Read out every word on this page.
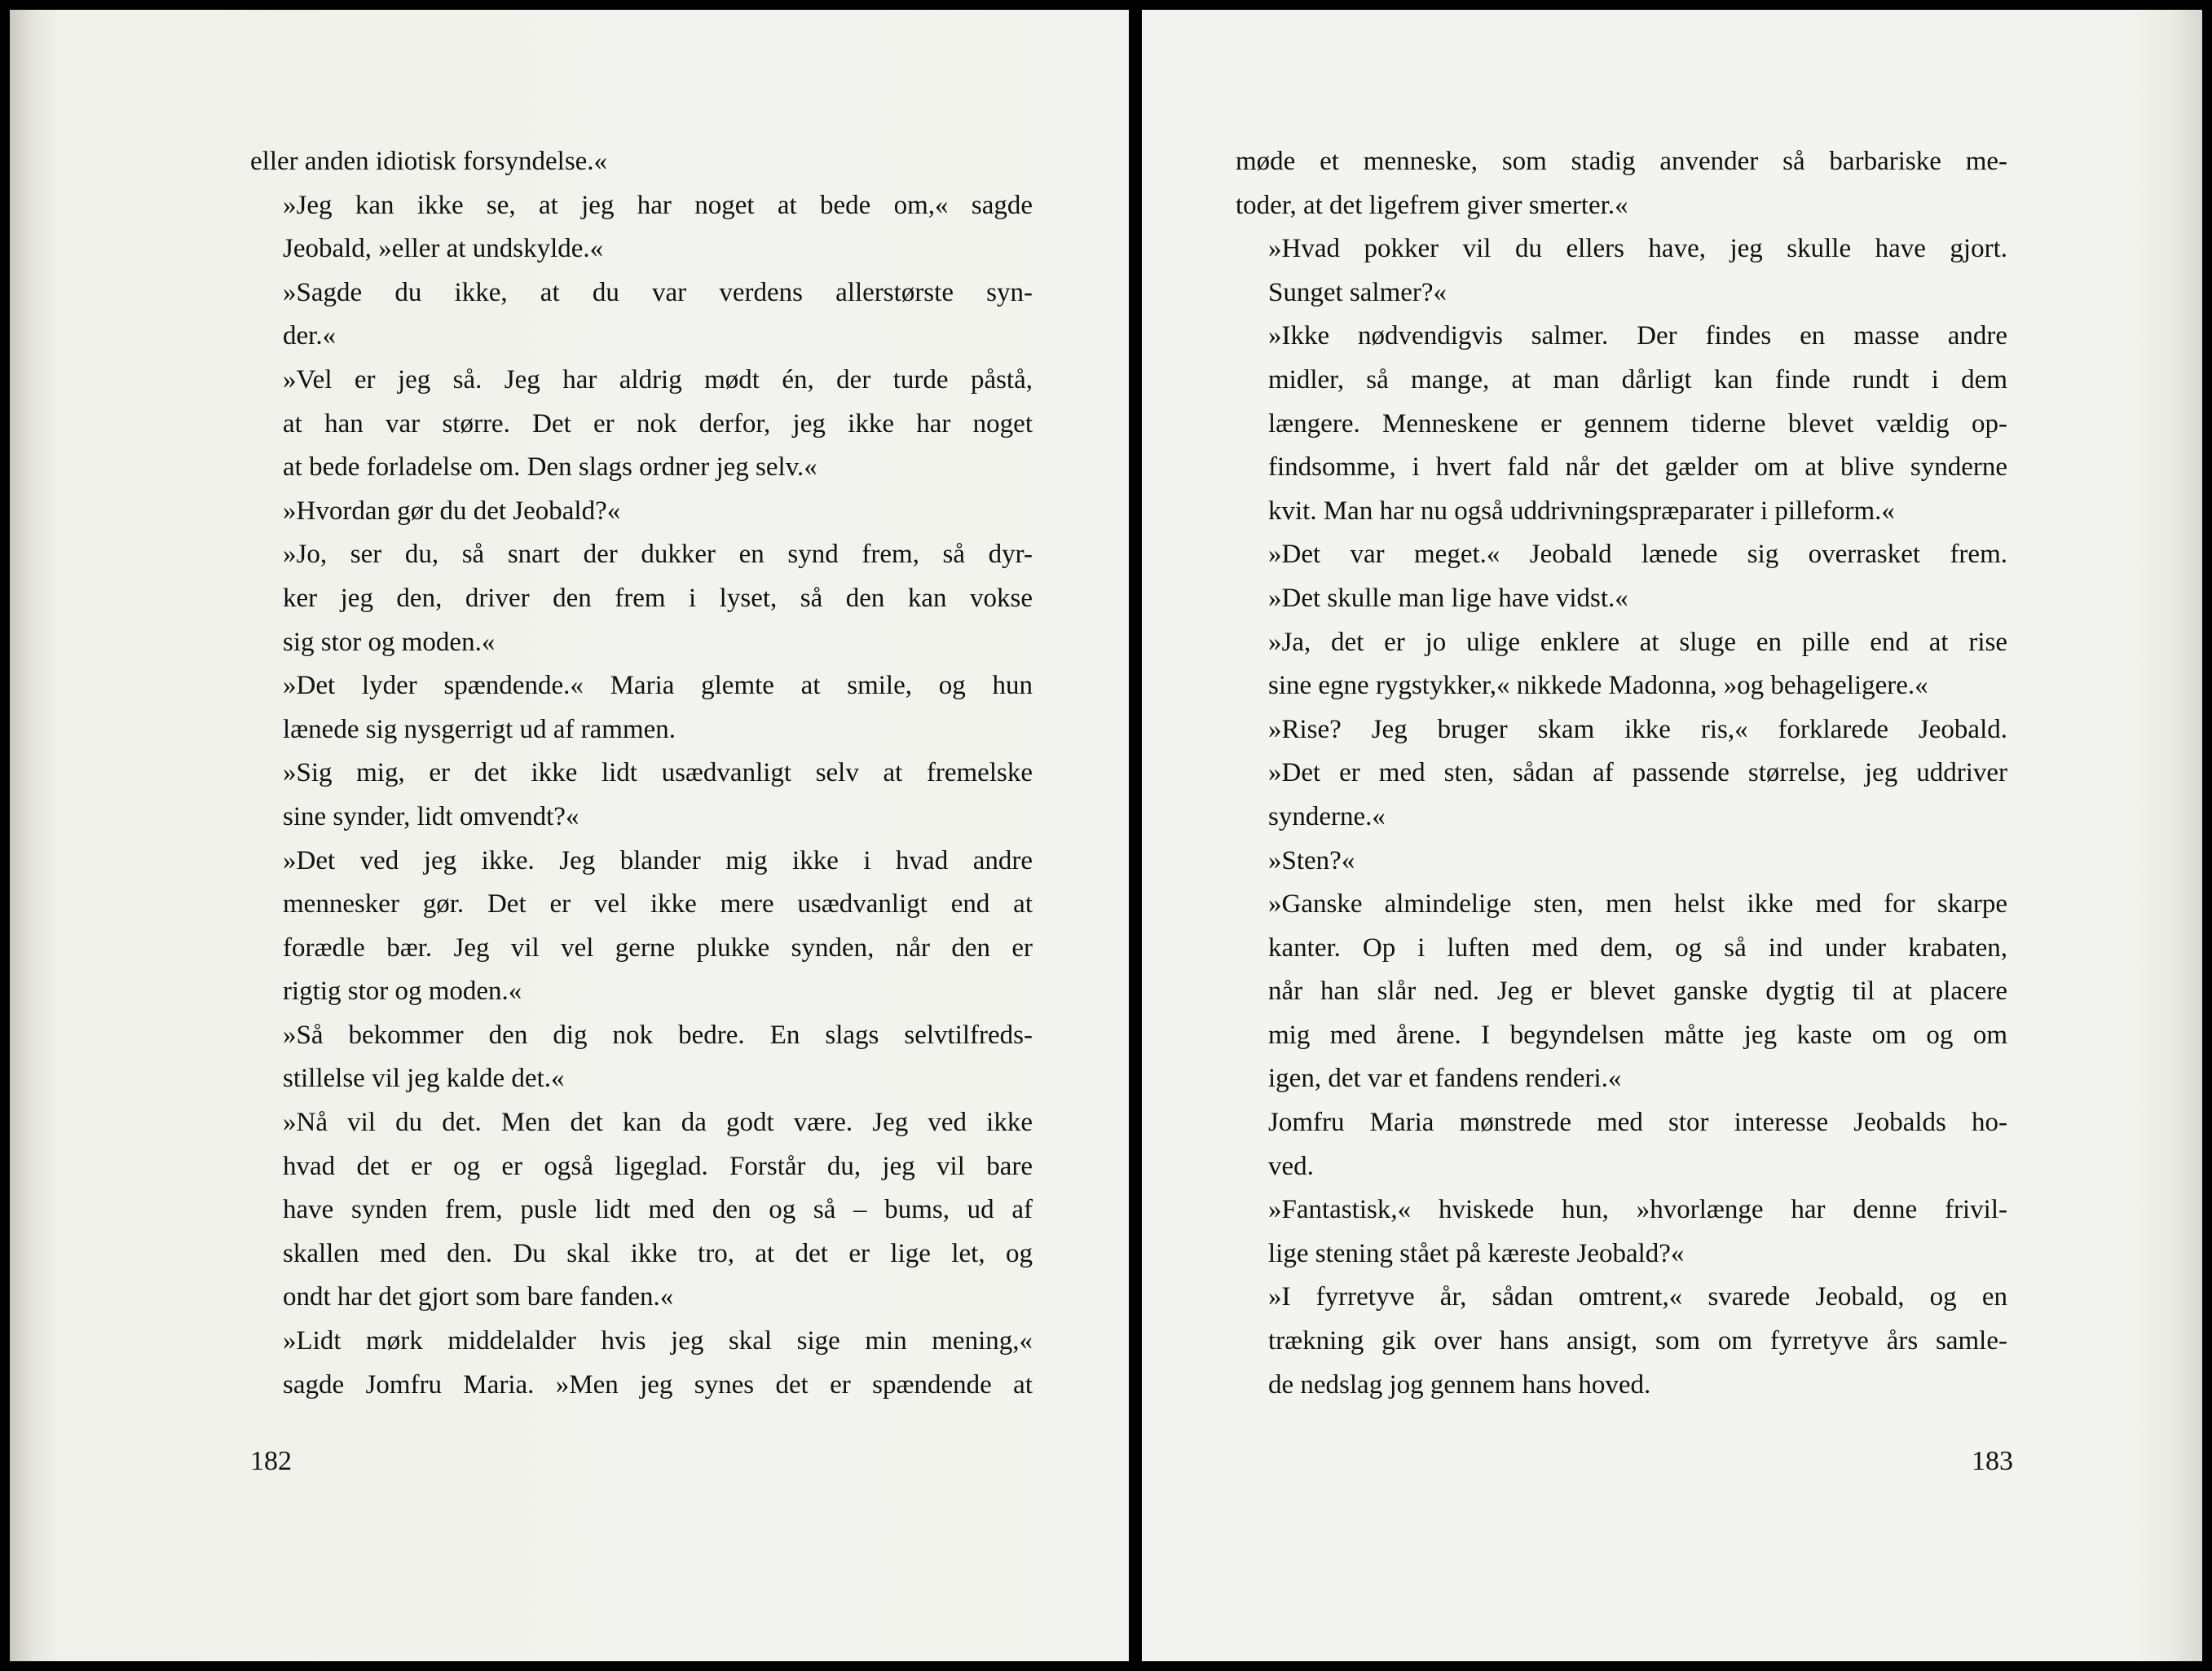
eller anden idiotisk forsyndelse.«

»Jeg kan ikke se, at jeg har noget at bede om,« sagde
Jeobald, »eller at undskylde.«

»Sagde du ikke, at du var verdens allerstørste syn-
der.«

»Vel er jeg så. Jeg har aldrig mødt én, der turde påstå,
at han var større. Det er nok derfor, jeg ikke har noget
at bede forladelse om. Den slags ordner jeg selv.«

»Hvordan gør du det Jeobald?«

»Jo, ser du, så snart der dukker en synd frem, så dyr-
ker jeg den, driver den frem i lyset, så den kan vokse
sig stor og moden.«

»Det lyder spændende.« Maria glemte at smile, og hun
lænede sig nysgerrigt ud af rammen.

»Sig mig, er det ikke lidt usædvanligt selv at fremelske
sine synder, lidt omvendt?«

»Det ved jeg ikke. Jeg blander mig ikke i hvad andre
mennesker gør. Det er vel ikke mere usædvanligt end at
forædle bær. Jeg vil vel gerne plukke synden, når den er
rigtig stor og moden.«

»Så bekommer den dig nok bedre. En slags selvtilfreds-
stillelse vil jeg kalde det.«

»Nå vil du det. Men det kan da godt være. Jeg ved ikke
hvad det er og er også ligeglad. Forstår du, jeg vil bare
have synden frem, pusle lidt med den og så – bums, ud af
skallen med den. Du skal ikke tro, at det er lige let, og
ondt har det gjort som bare fanden.«

»Lidt mørk middelalder hvis jeg skal sige min mening,«
sagde Jomfru Maria. »Men jeg synes det er spændende at

182

møde et menneske, som stadig anvender så barbariske me-
toder, at det ligefrem giver smerter.«

»Hvad pokker vil du ellers have, jeg skulle have gjort.
Sunget salmer?«

»Ikke nødvendigvis salmer. Der findes en masse andre
midler, så mange, at man dårligt kan finde rundt i dem
længere. Menneskene er gennem tiderne blevet vældig op-
findsomme, i hvert fald når det gælder om at blive synderne
kvit. Man har nu også uddrivningspræparater i pilleform.«

»Det var meget.« Jeobald lænede sig overrasket frem.
»Det skulle man lige have vidst.«

»Ja, det er jo ulige enklere at sluge en pille end at rise
sine egne rygstykker,« nikkede Madonna, »og behageligere.«

»Rise? Jeg bruger skam ikke ris,« forklarede Jeobald.
»Det er med sten, sådan af passende størrelse, jeg uddriver
synderne.«

»Sten?«

»Ganske almindelige sten, men helst ikke med for skarpe
kanter. Op i luften med dem, og så ind under krabaten,
når han slår ned. Jeg er blevet ganske dygtig til at placere
mig med årene. I begyndelsen måtte jeg kaste om og om
igen, det var et fandens renderi.«

Jomfru Maria mønstrede med stor interesse Jeobalds ho-
ved.

»Fantastisk,« hviskede hun, »hvorlænge har denne frivil-
lige stening stået på kæreste Jeobald?«

»I fyrretyve år, sådan omtrent,« svarede Jeobald, og en
trækning gik over hans ansigt, som om fyrretyve års samle-
de nedslag jog gennem hans hoved.

183
